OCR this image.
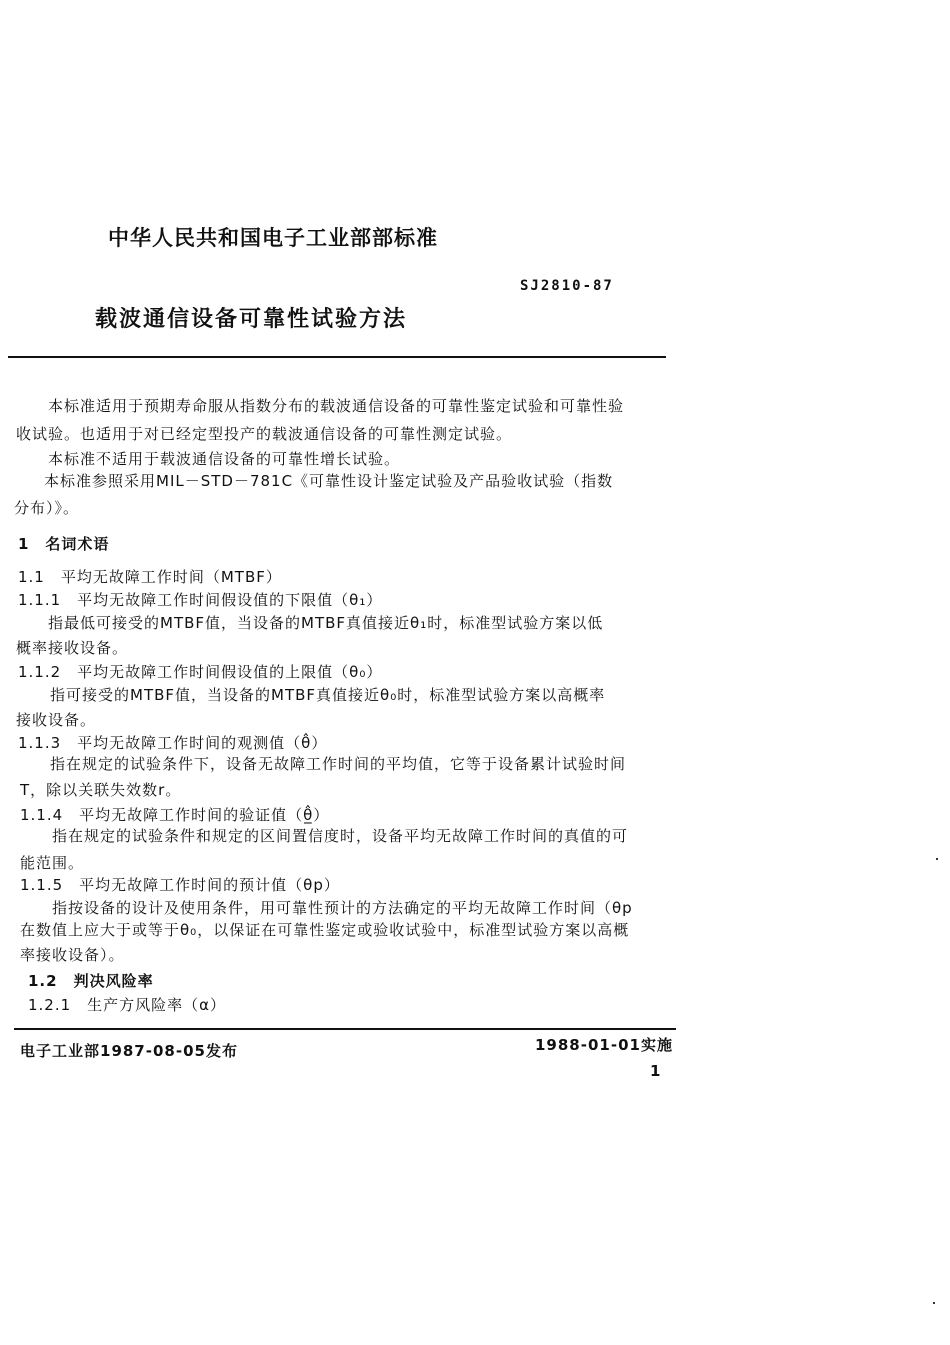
中华人民共和国电子工业部部标准
SJ2810-87
载波通信设备可靠性试验方法
本标准适用于预期寿命服从指数分布的载波通信设备的可靠性鉴定试验和可靠性验
收试验。也适用于对已经定型投产的载波通信设备的可靠性测定试验。
本标准不适用于载波通信设备的可靠性增长试验。
本标准参照采用MIL－STD－781C《可靠性设计鉴定试验及产品验收试验（指数
分布）》。
1　名词术语
1.1　平均无故障工作时间（MTBF）
1.1.1　平均无故障工作时间假设值的下限值（θ₁）
指最低可接受的MTBF值，当设备的MTBF真值接近θ₁时，标准型试验方案以低
概率接收设备。
1.1.2　平均无故障工作时间假设值的上限值（θ₀）
指可接受的MTBF值，当设备的MTBF真值接近θ₀时，标准型试验方案以高概率
接收设备。
1.1.3　平均无故障工作时间的观测值（θ̂）
指在规定的试验条件下，设备无故障工作时间的平均值，它等于设备累计试验时间
T，除以关联失效数r。
1.1.4　平均无故障工作时间的验证值（θ̲̂）
指在规定的试验条件和规定的区间置信度时，设备平均无故障工作时间的真值的可
能范围。
1.1.5　平均无故障工作时间的预计值（θp）
指按设备的设计及使用条件，用可靠性预计的方法确定的平均无故障工作时间（θp
在数值上应大于或等于θ₀，以保证在可靠性鉴定或验收试验中，标准型试验方案以高概
率接收设备）。
1.2　判决风险率
1.2.1　生产方风险率（α）
电子工业部1987-08-05发布	1988-01-01实施
1
